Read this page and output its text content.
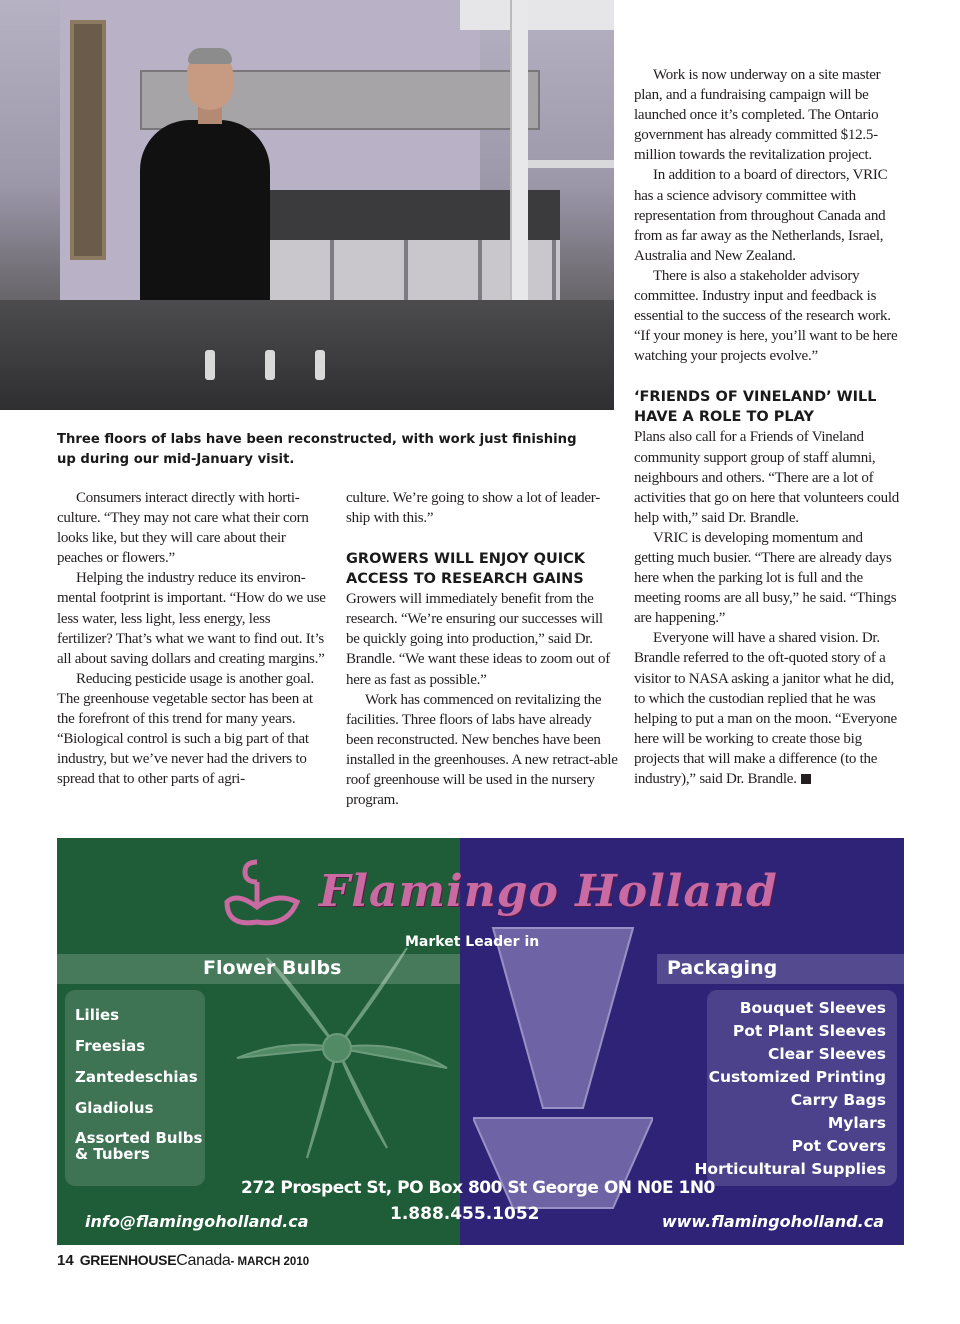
Three floors of labs have been reconstructed, with work just finishing up during our mid-January visit.

Consumers interact directly with horti-culture. “They may not care what their corn looks like, but they will care about their peaches or flowers.”

Helping the industry reduce its environ-mental footprint is important. “How do we use less water, less light, less energy, less fertilizer? That’s what we want to find out. It’s all about saving dollars and creating margins.”

Reducing pesticide usage is another goal. The greenhouse vegetable sector has been at the forefront of this trend for many years. “Biological control is such a big part of that industry, but we’ve never had the drivers to spread that to other parts of agri-

culture. We’re going to show a lot of leader-ship with this.”

GROWERS WILL ENJOY QUICK ACCESS TO RESEARCH GAINS

Growers will immediately benefit from the research. “We’re ensuring our successes will be quickly going into production,” said Dr. Brandle. “We want these ideas to zoom out of here as fast as possible.”

Work has commenced on revitalizing the facilities. Three floors of labs have already been reconstructed. New benches have been installed in the greenhouses. A new retract-able roof greenhouse will be used in the nursery program.

Work is now underway on a site master plan, and a fundraising campaign will be launched once it’s completed. The Ontario government has already committed $12.5-million towards the revitalization project.

In addition to a board of directors, VRIC has a science advisory committee with representation from throughout Canada and from as far away as the Netherlands, Israel, Australia and New Zealand.

There is also a stakeholder advisory committee. Industry input and feedback is essential to the success of the research work. “If your money is here, you’ll want to be here watching your projects evolve.”

‘FRIENDS OF VINELAND’ WILL HAVE A ROLE TO PLAY

Plans also call for a Friends of Vineland community support group of staff alumni, neighbours and others. “There are a lot of activities that go on here that volunteers could help with,” said Dr. Brandle.

VRIC is developing momentum and getting much busier. “There are already days here when the parking lot is full and the meeting rooms are all busy,” he said. “Things are happening.”

Everyone will have a shared vision. Dr. Brandle referred to the oft-quoted story of a visitor to NASA asking a janitor what he did, to which the custodian replied that he was helping to put a man on the moon. “Everyone here will be working to create those big projects that will make a difference (to the industry),” said Dr. Brandle.

Flamingo Holland
Market Leader in
Flower Bulbs	Packaging
Lilies
Freesias
Zantedeschias
Gladiolus
Assorted Bulbs & Tubers
Bouquet Sleeves
Pot Plant Sleeves
Clear Sleeves
Customized Printing
Carry Bags
Mylars
Pot Covers
Horticultural Supplies
272 Prospect St, PO Box 800 St George ON N0E 1N0
1.888.455.1052
info@flamingoholland.ca	www.flamingoholland.ca
14 GREENHOUSECanada- MARCH 2010
